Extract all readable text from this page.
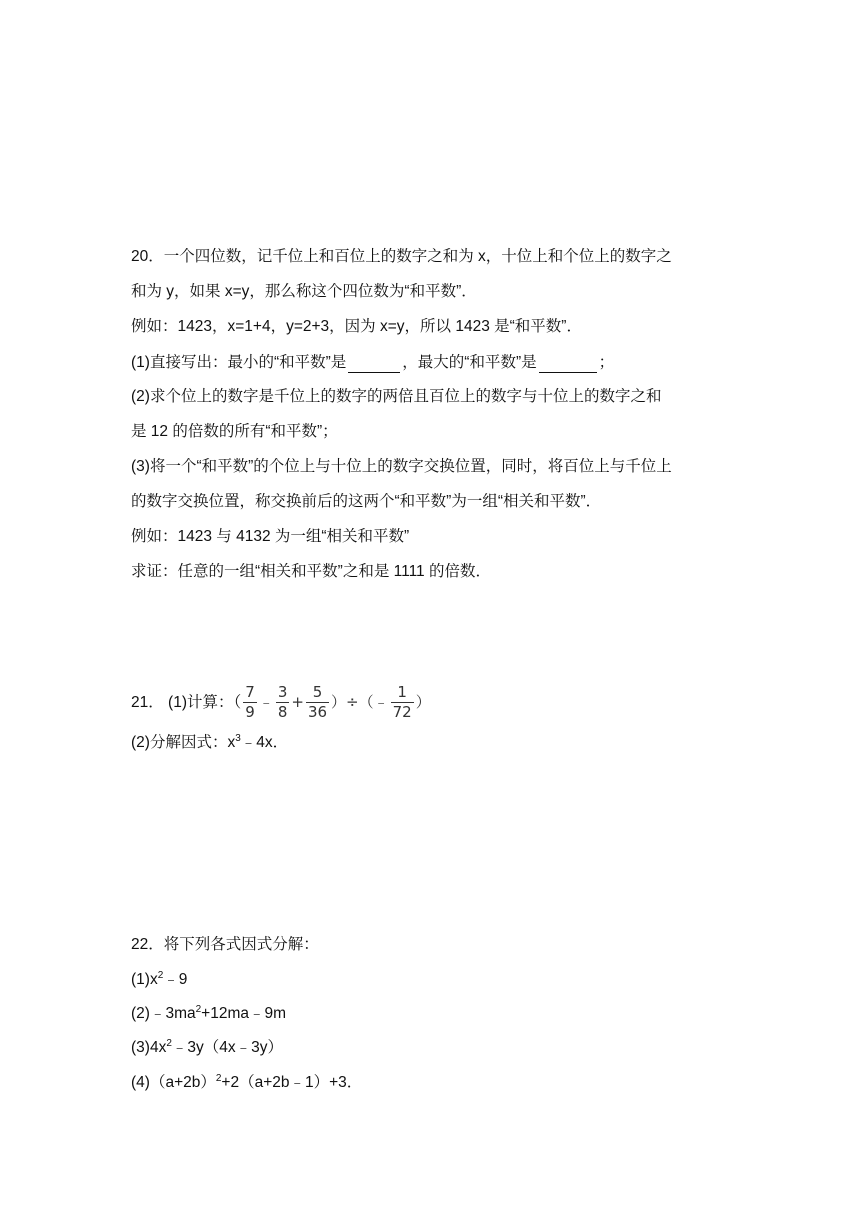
20．一个四位数，记千位上和百位上的数字之和为 x，十位上和个位上的数字之
和为 y，如果 x=y，那么称这个四位数为“和平数”．
例如：1423，x=1+4，y=2+3，因为 x=y，所以 1423 是“和平数”．
(1)直接写出：最小的“和平数”是	，最大的“和平数”是	；
(2)求个位上的数字是千位上的数字的两倍且百位上的数字与十位上的数字之和
是 12 的倍数的所有“和平数”；
(3)将一个“和平数”的个位上与十位上的数字交换位置，同时，将百位上与千位上
的数字交换位置，称交换前后的这两个“和平数”为一组“相关和平数”．
例如：1423 与 4132 为一组“相关和平数”
求证：任意的一组“相关和平数”之和是 1111 的倍数．
21． (1)计算：（ $\frac{7}{9}$ ﹣ $\frac{3}{8} + \frac{5}{36}$ ）÷（﹣ $\frac{1}{72}$ ）
(2)分解因式：$x^3﹣4x$．
22．将下列各式因式分解：
$(1)x^2﹣9$
$(2)﹣3ma^2+12ma﹣9m$
$(3)4x^2﹣3y(4x﹣3y)$
$(4)(a+2b)^2+2(a+2b﹣1)+3$．
